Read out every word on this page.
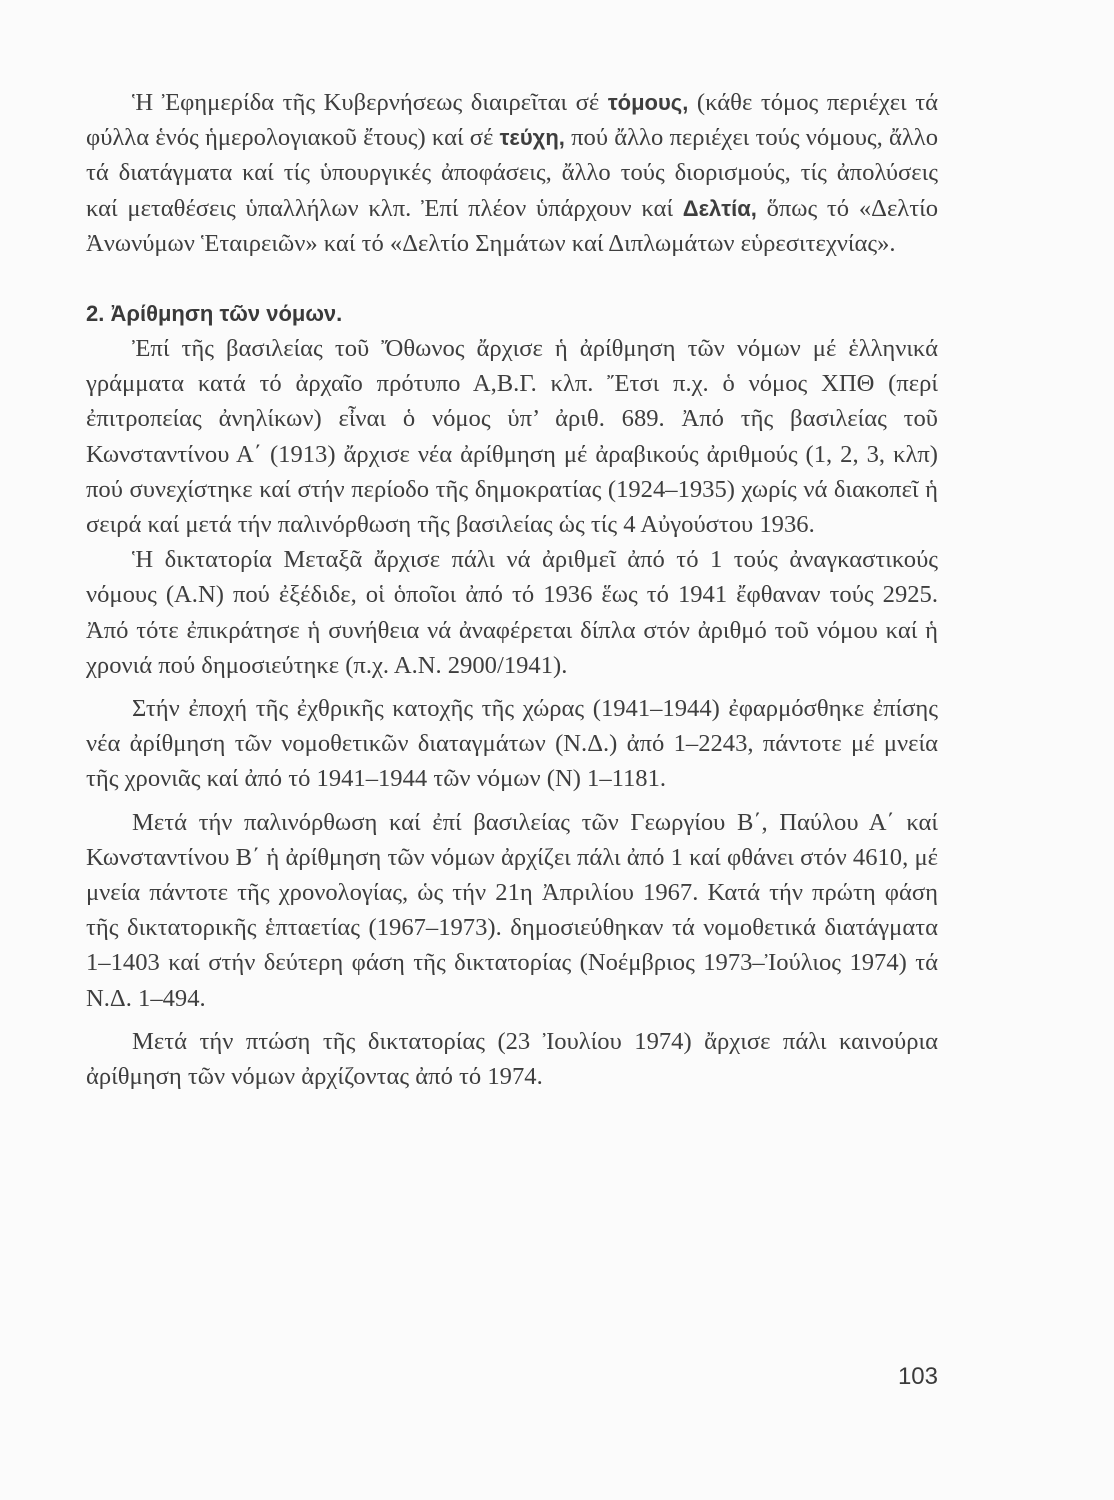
Ἡ Ἐφημερίδα τῆς Κυβερνήσεως διαιρεῖται σέ τόμους, (κάθε τόμος περιέχει τά φύλλα ἑνός ἡμερολογιακοῦ ἔτους) καί σέ τεύχη, πού ἄλλο περιέχει τούς νόμους, ἄλλο τά διατάγματα καί τίς ὑπουργικές ἀποφάσεις, ἄλλο τούς διορισμούς, τίς ἀπολύσεις καί μεταθέσεις ὑπαλλήλων κλπ. Ἐπί πλέον ὑπάρχουν καί Δελτία, ὅπως τό «Δελτίο Ἀνωνύμων Ἑταιρειῶν» καί τό «Δελτίο Σημάτων καί Διπλωμάτων εὑρεσιτεχνίας».

2. Ἀρίθμηση τῶν νόμων.

Ἐπί τῆς βασιλείας τοῦ Ὄθωνος ἄρχισε ἡ ἀρίθμηση τῶν νόμων μέ ἑλληνικά γράμματα κατά τό ἀρχαῖο πρότυπο Α,Β.Γ. κλπ. Ἔτσι π.χ. ὁ νόμος ΧΠΘ (περί ἐπιτροπείας ἀνηλίκων) εἶναι ὁ νόμος ὑπ’ ἀριθ. 689. Ἀπό τῆς βασιλείας τοῦ Κωνσταντίνου Α΄ (1913) ἄρχισε νέα ἀρίθμηση μέ ἀραβικούς ἀριθμούς (1, 2, 3, κλπ) πού συνεχίστηκε καί στήν περίοδο τῆς δημοκρατίας (1924–1935) χωρίς νά διακοπεῖ ἡ σειρά καί μετά τήν παλινόρθωση τῆς βασιλείας ὡς τίς 4 Αὐγούστου 1936.

Ἡ δικτατορία Μεταξᾶ ἄρχισε πάλι νά ἀριθμεῖ ἀπό τό 1 τούς ἀναγκαστικούς νόμους (Α.Ν) πού ἐξέδιδε, οἱ ὁποῖοι ἀπό τό 1936 ἕως τό 1941 ἔφθαναν τούς 2925. Ἀπό τότε ἐπικράτησε ἡ συνήθεια νά ἀναφέρεται δίπλα στόν ἀριθμό τοῦ νόμου καί ἡ χρονιά πού δημοσιεύτηκε (π.χ. Α.Ν. 2900/1941).

Στήν ἐποχή τῆς ἐχθρικῆς κατοχῆς τῆς χώρας (1941–1944) ἐφαρμόσθηκε ἐπίσης νέα ἀρίθμηση τῶν νομοθετικῶν διαταγμάτων (Ν.Δ.) ἀπό 1–2243, πάντοτε μέ μνεία τῆς χρονιᾶς καί ἀπό τό 1941–1944 τῶν νόμων (Ν) 1–1181.

Μετά τήν παλινόρθωση καί ἐπί βασιλείας τῶν Γεωργίου Β΄, Παύλου Α΄ καί Κωνσταντίνου Β΄ ἡ ἀρίθμηση τῶν νόμων ἀρχίζει πάλι ἀπό 1 καί φθάνει στόν 4610, μέ μνεία πάντοτε τῆς χρονολογίας, ὡς τήν 21η Ἀπριλίου 1967. Κατά τήν πρώτη φάση τῆς δικτατορικῆς ἑπταετίας (1967–1973). δημοσιεύθηκαν τά νομοθετικά διατάγματα 1–1403 καί στήν δεύτερη φάση τῆς δικτατορίας (Νοέμβριος 1973–Ἰούλιος 1974) τά Ν.Δ. 1–494.

Μετά τήν πτώση τῆς δικτατορίας (23 Ἰουλίου 1974) ἄρχισε πάλι καινούρια ἀρίθμηση τῶν νόμων ἀρχίζοντας ἀπό τό 1974.

103
